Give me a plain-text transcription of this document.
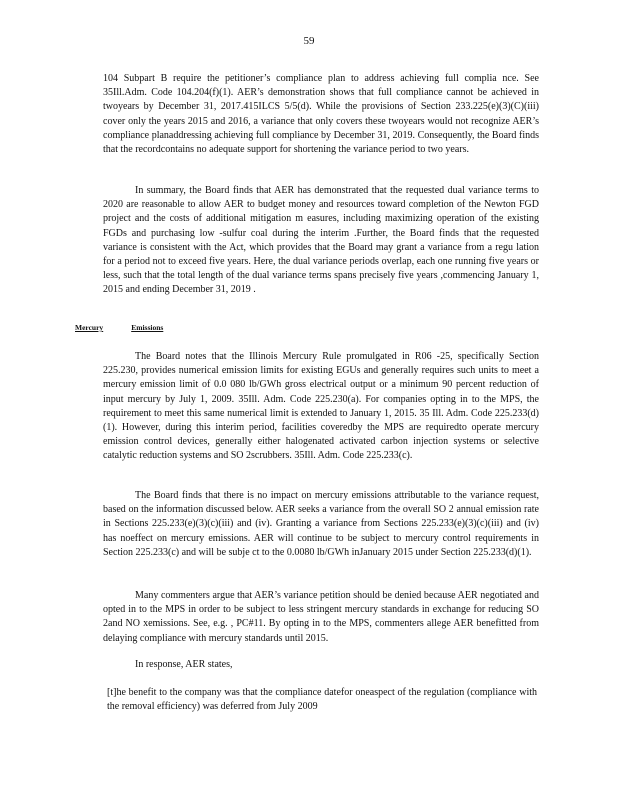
59

104 Subpart B require the petitioner’s compliance plan to address achieving full complia nce. See 35Ill.Adm. Code 104.204(f)(1). AER’s demonstration shows that full compliance cannot be achieved in twoyears by December 31, 2017.415ILCS 5/5(d). While the provisions of Section 233.225(e)(3)(C)(iii) cover only the years 2015 and 2016, a variance that only covers these twoyears would not recognize AER’s compliance planaddressing achieving full compliance by December 31, 2019. Consequently, the Board finds that the recordcontains no adequate support for shortening the variance period to two years.

In summary, the Board finds that AER has demonstrated that the requested dual variance terms to 2020 are reasonable to allow AER to budget money and resources toward completion of the Newton FGD project and the costs of additional mitigation m easures, including maximizing operation of the existing FGDs and purchasing low -sulfur coal during the interim .Further, the Board finds that the requested variance is consistent with the Act, which provides that the Board may grant a variance from a regu lation for a period not to exceed five years. Here, the dual variance periods overlap, each one running five years or less, such that the total length of the dual variance terms spans precisely five years ,commencing January 1, 2015 and ending December 31, 2019 .

Mercury	Emissions

The Board notes that the Illinois Mercury Rule promulgated in R06 -25, specifically Section 225.230, provides numerical emission limits for existing EGUs and generally requires such units to meet a mercury emission limit of 0.0 080 lb/GWh gross electrical output or a minimum 90 percent reduction of input mercury by July 1, 2009. 35Ill. Adm. Code 225.230(a). For companies opting in to the MPS, the requirement to meet this same numerical limit is extended to January 1, 2015. 35 Ill. Adm. Code 225.233(d)(1). However, during this interim period, facilities coveredby the MPS are requiredto operate mercury emission control devices, generally either halogenated activated carbon injection systems or selective catalytic reduction systems and SO 2scrubbers. 35Ill. Adm. Code 225.233(c).

The Board finds that there is no impact on mercury emissions attributable to the variance request, based on the information discussed below. AER seeks a variance from the overall SO 2 annual emission rate in Sections 225.233(e)(3)(c)(iii) and (iv). Granting a variance from Sections 225.233(e)(3)(c)(iii) and (iv) has noeffect on mercury emissions. AER will continue to be subject to mercury control requirements in Section 225.233(c) and will be subje ct to the 0.0080 lb/GWh inJanuary 2015 under Section 225.233(d)(1).

Many commenters argue that AER’s variance petition should be denied because AER negotiated and opted in to the MPS in order to be subject to less stringent mercury standards in exchange for reducing SO 2and NO xemissions. See, e.g. , PC#11. By opting in to the MPS, commenters allege AER benefitted from delaying compliance with mercury standards until 2015.

In response, AER states,

[t]he benefit to the company was that the compliance datefor oneaspect of the regulation (compliance with the removal efficiency) was deferred from July 2009
